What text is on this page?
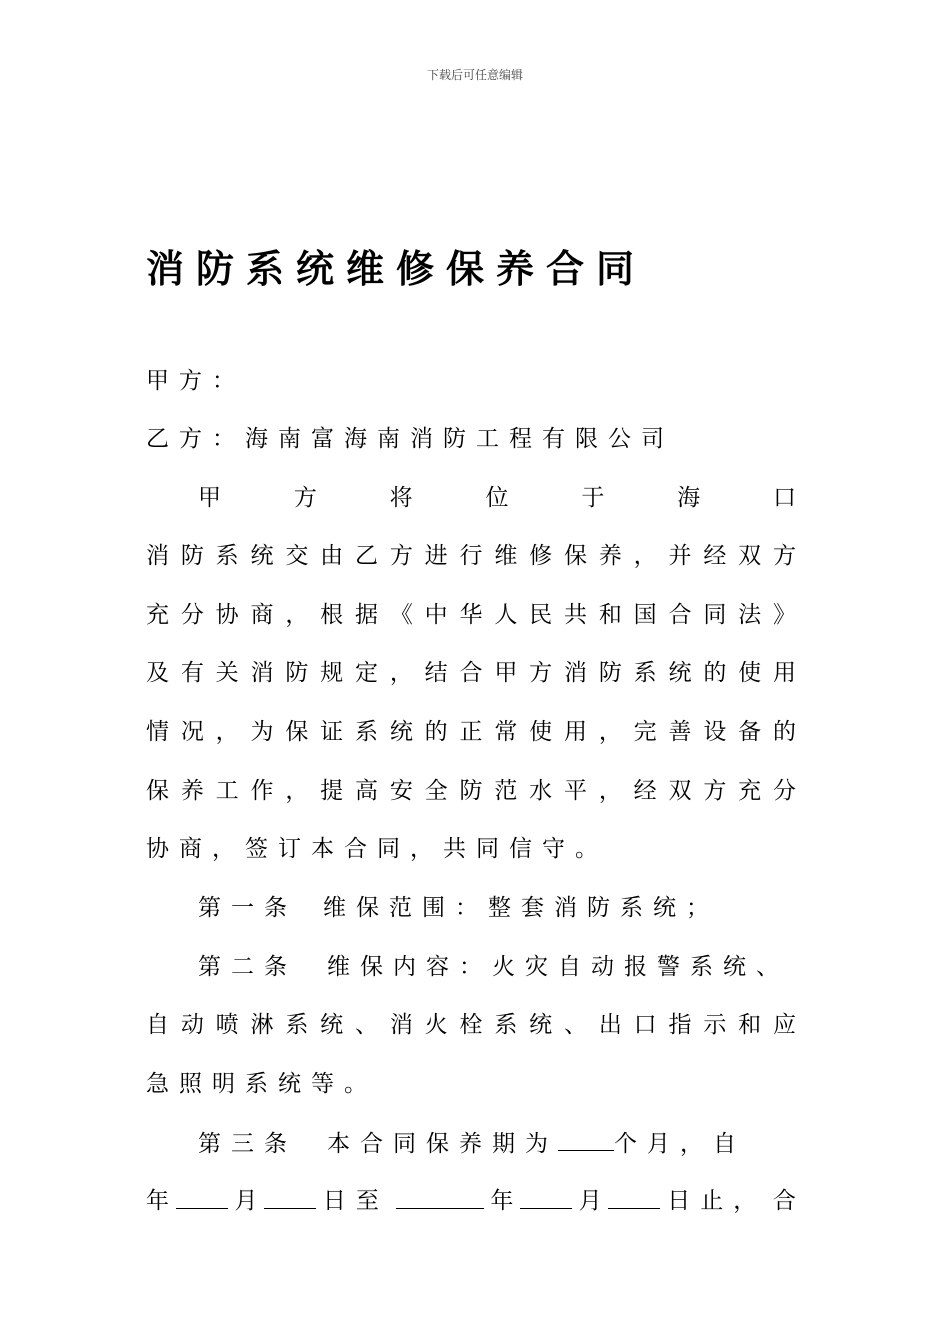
下载后可任意编辑
消防系统维修保养合同
甲方：
乙方：海南富海南消防工程有限公司
甲	方	将	位	于	海	口
消防系统交由乙方进行维修保养，并经双方
充分协商，根据《中华人民共和国合同法》
及有关消防规定，结合甲方消防系统的使用
情况，为保证系统的正常使用，完善设备的
保养工作，提高安全防范水平，经双方充分
协商，签订本合同，共同信守。
第一条 维保范围：整套消防系统；
第二条 维保内容：火灾自动报警系统、
自动喷淋系统、消火栓系统、出口指示和应
急照明系统等。
第三条 本合同保养期为 个月，自
年	月	日至	年	月	日止， 合
